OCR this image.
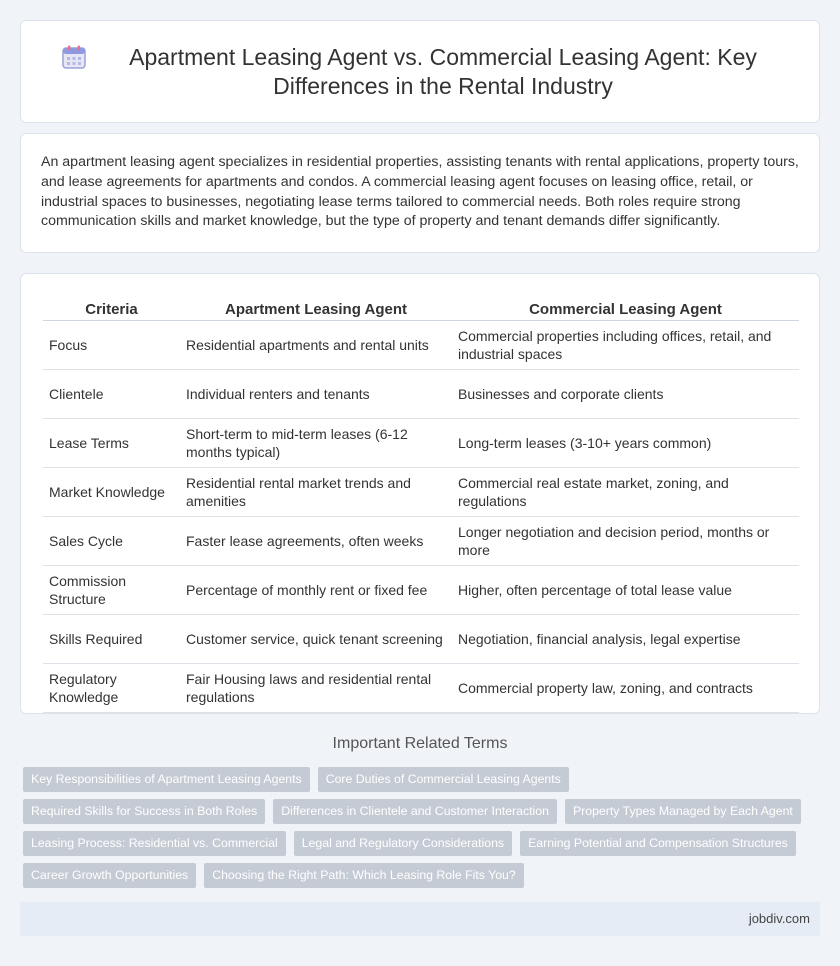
Apartment Leasing Agent vs. Commercial Leasing Agent: Key Differences in the Rental Industry

An apartment leasing agent specializes in residential properties, assisting tenants with rental applications, property tours, and lease agreements for apartments and condos. A commercial leasing agent focuses on leasing office, retail, or industrial spaces to businesses, negotiating lease terms tailored to commercial needs. Both roles require strong communication skills and market knowledge, but the type of property and tenant demands differ significantly.

Criteria	Apartment Leasing Agent	Commercial Leasing Agent
Focus	Residential apartments and rental units	Commercial properties including offices, retail, and industrial spaces
Clientele	Individual renters and tenants	Businesses and corporate clients
Lease Terms	Short-term to mid-term leases (6-12 months typical)	Long-term leases (3-10+ years common)
Market Knowledge	Residential rental market trends and amenities	Commercial real estate market, zoning, and regulations
Sales Cycle	Faster lease agreements, often weeks	Longer negotiation and decision period, months or more
Commission Structure	Percentage of monthly rent or fixed fee	Higher, often percentage of total lease value
Skills Required	Customer service, quick tenant screening	Negotiation, financial analysis, legal expertise
Regulatory Knowledge	Fair Housing laws and residential rental regulations	Commercial property law, zoning, and contracts
Important Related Terms
Key Responsibilities of Apartment Leasing Agents	Core Duties of Commercial Leasing Agents
Required Skills for Success in Both Roles	Differences in Clientele and Customer Interaction	Property Types Managed by Each Agent
Leasing Process: Residential vs. Commercial	Legal and Regulatory Considerations	Earning Potential and Compensation Structures
Career Growth Opportunities	Choosing the Right Path: Which Leasing Role Fits You?
jobdiv.com
